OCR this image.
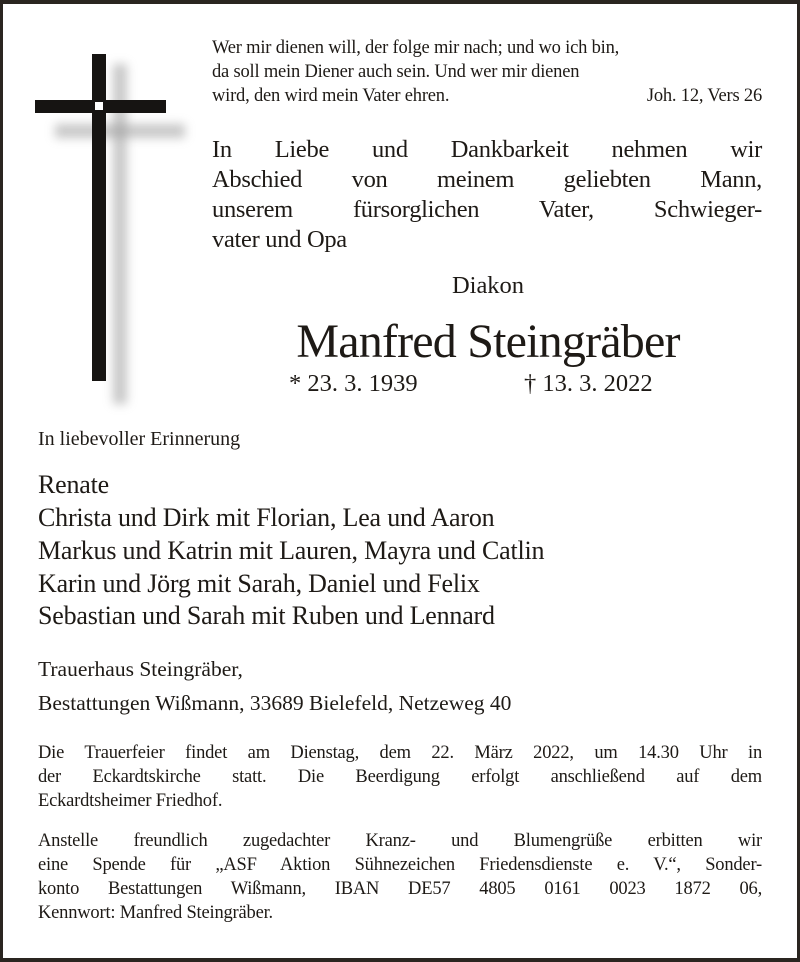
Wer mir dienen will, der folge mir nach; und wo ich bin,
da soll mein Diener auch sein. Und wer mir dienen
wird, den wird mein Vater ehren.	Joh. 12, Vers 26
In Liebe und Dankbarkeit nehmen wir
Abschied von meinem geliebten Mann,
unserem fürsorglichen Vater, Schwieger-
vater und Opa
Diakon
Manfred Steingräber
* 23. 3. 1939	† 13. 3. 2022
In liebevoller Erinnerung
Renate
Christa und Dirk mit Florian, Lea und Aaron
Markus und Katrin mit Lauren, Mayra und Catlin
Karin und Jörg mit Sarah, Daniel und Felix
Sebastian und Sarah mit Ruben und Lennard
Trauerhaus Steingräber,
Bestattungen Wißmann, 33689 Bielefeld, Netzeweg 40
Die Trauerfeier findet am Dienstag, dem 22. März 2022, um 14.30 Uhr in
der Eckardtskirche statt. Die Beerdigung erfolgt anschließend auf dem
Eckardtsheimer Friedhof.
Anstelle freundlich zugedachter Kranz- und Blumengrüße erbitten wir
eine Spende für „ASF Aktion Sühnezeichen Friedensdienste e. V.“, Sonder-
konto Bestattungen Wißmann, IBAN DE57 4805 0161 0023 1872 06,
Kennwort: Manfred Steingräber.
